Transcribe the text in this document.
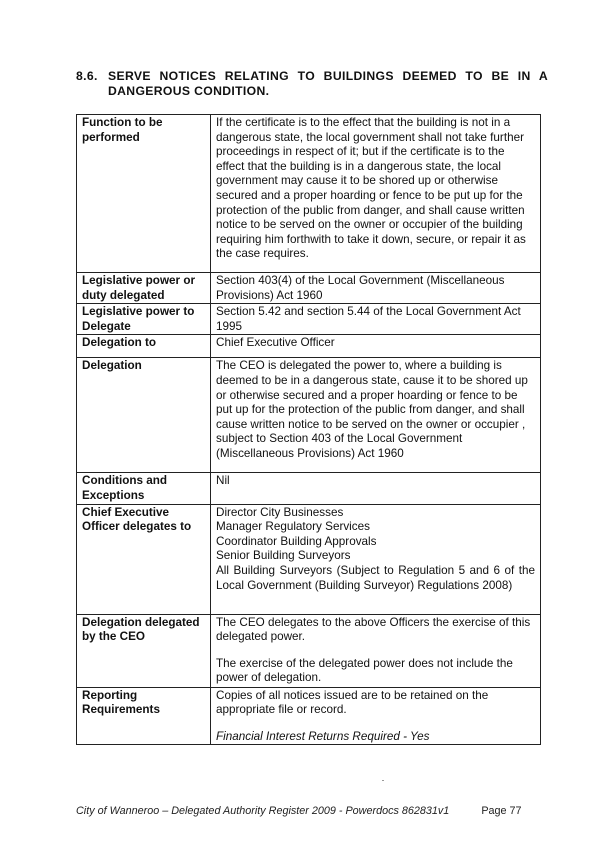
8.6. SERVE NOTICES RELATING TO BUILDINGS DEEMED TO BE IN A DANGEROUS CONDITION.
Function to be performed	If the certificate is to the effect that the building is not in a dangerous state, the local government shall not take further proceedings in respect of it; but if the certificate is to the effect that the building is in a dangerous state, the local government may cause it to be shored up or otherwise secured and a proper hoarding or fence to be put up for the protection of the public from danger, and shall cause written notice to be served on the owner or occupier of the building requiring him forthwith to take it down, secure, or repair it as the case requires.

Legislative power or duty delegated	Section 403(4) of the Local Government (Miscellaneous Provisions) Act 1960

Legislative power to Delegate	Section 5.42 and section 5.44 of the Local Government Act 1995

Delegation to	Chief Executive Officer

Delegation	The CEO is delegated the power to, where a building is deemed to be in a dangerous state, cause it to be shored up or otherwise secured and a proper hoarding or fence to be put up for the protection of the public from danger, and shall cause written notice to be served on the owner or occupier , subject to Section 403 of the Local Government (Miscellaneous Provisions) Act 1960

Conditions and Exceptions	Nil

Chief Executive Officer delegates to	Director City Businesses
Manager Regulatory Services
Coordinator Building Approvals
Senior Building Surveyors
All Building Surveyors (Subject to Regulation 5 and 6 of the Local Government (Building Surveyor) Regulations 2008)

Delegation delegated by the CEO	The CEO delegates to the above Officers the exercise of this delegated power.

The exercise of the delegated power does not include the power of delegation.

Reporting Requirements	Copies of all notices issued are to be retained on the appropriate file or record.

Financial Interest Returns Required - Yes

City of Wanneroo – Delegated Authority Register 2009 - Powerdocs 862831v1	Page 77
